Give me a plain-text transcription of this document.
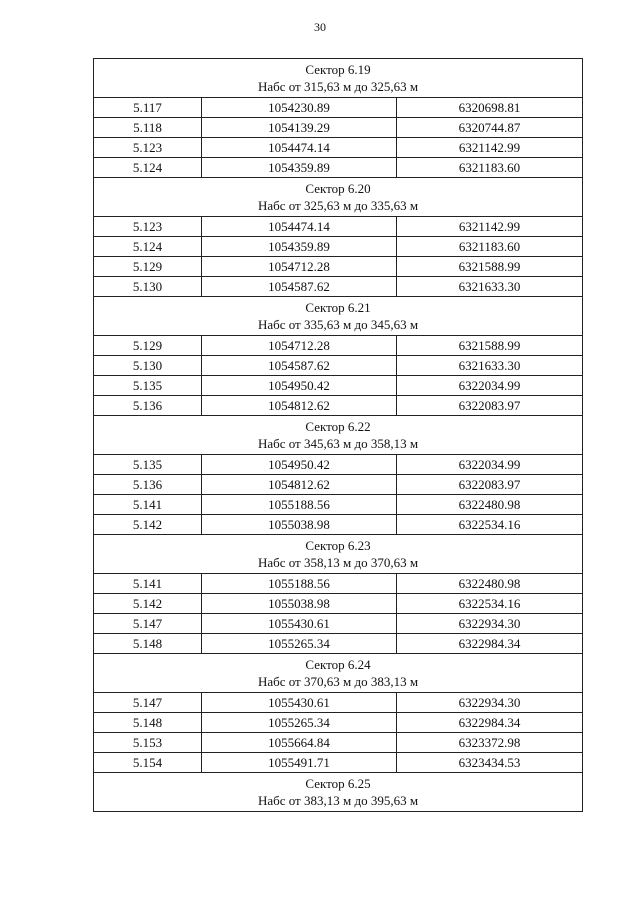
30
Сектор 6.19
Набс от 315,63 м до 325,63 м		

5.117	1054230.89	6320698.81
5.118	1054139.29	6320744.87
5.123	1054474.14	6321142.99
5.124	1054359.89	6321183.60

Сектор 6.20
Набс от 325,63 м до 335,63 м		

5.123	1054474.14	6321142.99
5.124	1054359.89	6321183.60
5.129	1054712.28	6321588.99
5.130	1054587.62	6321633.30

Сектор 6.21
Набс от 335,63 м до 345,63 м		

5.129	1054712.28	6321588.99
5.130	1054587.62	6321633.30
5.135	1054950.42	6322034.99
5.136	1054812.62	6322083.97

Сектор 6.22
Набс от 345,63 м до 358,13 м		

5.135	1054950.42	6322034.99
5.136	1054812.62	6322083.97
5.141	1055188.56	6322480.98
5.142	1055038.98	6322534.16

Сектор 6.23
Набс от 358,13 м до 370,63 м		

5.141	1055188.56	6322480.98
5.142	1055038.98	6322534.16
5.147	1055430.61	6322934.30
5.148	1055265.34	6322984.34

Сектор 6.24
Набс от 370,63 м до 383,13 м		

5.147	1055430.61	6322934.30
5.148	1055265.34	6322984.34
5.153	1055664.84	6323372.98
5.154	1055491.71	6323434.53

Сектор 6.25
Набс от 383,13 м до 395,63 м		
